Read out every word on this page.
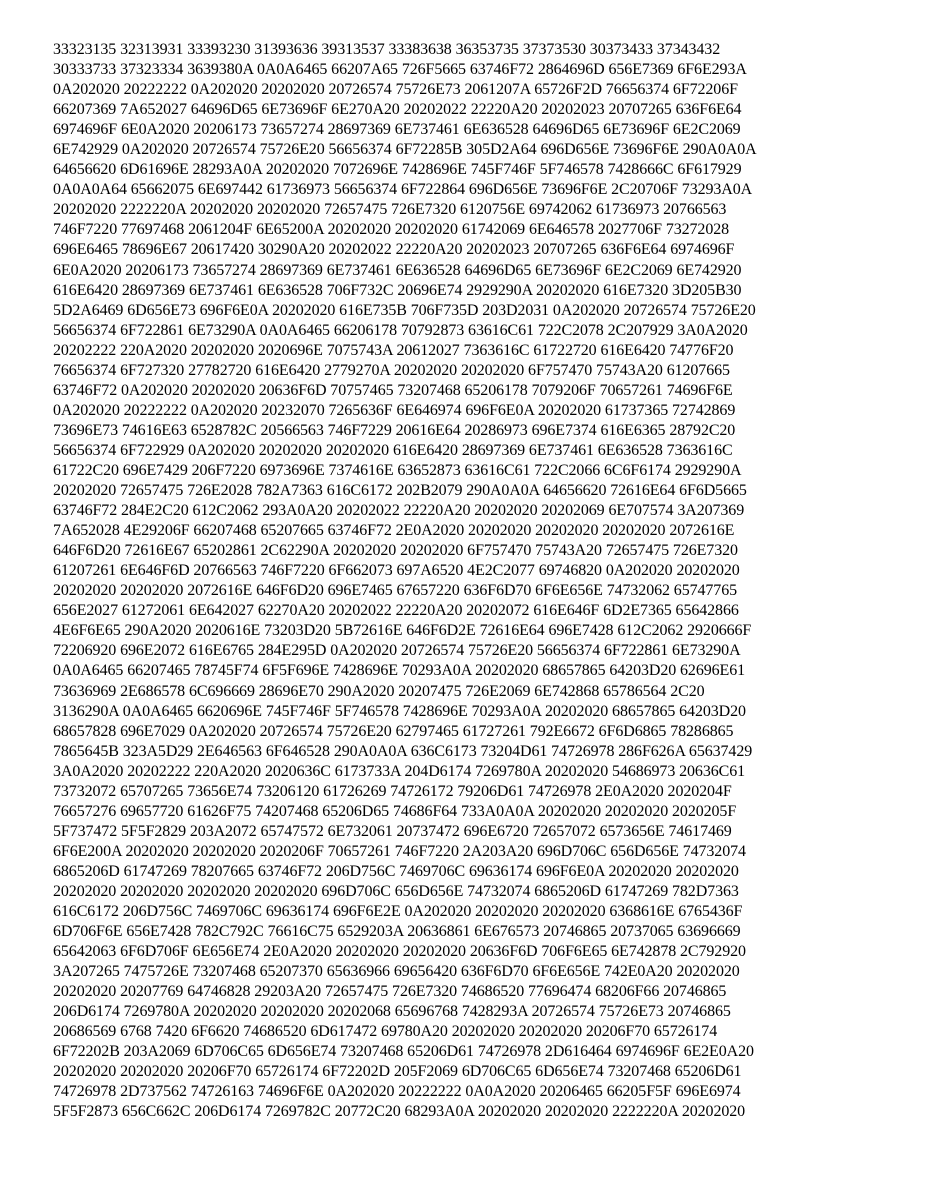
33323135 32313931 33393230 31393636 39313537 33383638 36353735 37373530 30373433 37343432
30333733 37323334 3639380A 0A0A6465 66207A65 726F5665 63746F72 2864696D 656E7369 6F6E293A
0A202020 20222222 0A202020 20202020 20726574 75726E73 2061207A 65726F2D 76656374 6F72206F
66207369 7A652027 64696D65 6E73696F 6E270A20 20202022 22220A20 20202023 20707265 636F6E64
6974696F 6E0A2020 20206173 73657274 28697369 6E737461 6E636528 64696D65 6E73696F 6E2C2069
6E742929 0A202020 20726574 75726E20 56656374 6F72285B 305D2A64 696D656E 73696F6E 290A0A0A
64656620 6D61696E 28293A0A 20202020 7072696E 7428696E 745F746F 5F746578 7428666C 6F617929
0A0A0A64 65662075 6E697442 61736973 56656374 6F722864 696D656E 73696F6E 2C20706F 73293A0A
20202020 2222220A 20202020 20202020 72657475 726E7320 6120756E 69742062 61736973 20766563
746F7220 77697468 2061204F 6E65200A 20202020 20202020 61742069 6E646578 2027706F 73272028
696E6465 78696E67 20617420 30290A20 20202022 22220A20 20202023 20707265 636F6E64 6974696F
6E0A2020 20206173 73657274 28697369 6E737461 6E636528 64696D65 6E73696F 6E2C2069 6E742920
616E6420 28697369 6E737461 6E636528 706F732C 20696E74 2929290A 20202020 616E7320 3D205B30
5D2A6469 6D656E73 696F6E0A 20202020 616E735B 706F735D 203D2031 0A202020 20726574 75726E20
56656374 6F722861 6E73290A 0A0A6465 66206178 70792873 63616C61 722C2078 2C207929 3A0A2020
20202222 220A2020 20202020 2020696E 7075743A 20612027 7363616C 61722720 616E6420 74776F20
76656374 6F727320 27782720 616E6420 2779270A 20202020 20202020 6F757470 75743A20 61207665
63746F72 0A202020 20202020 20636F6D 70757465 73207468 65206178 7079206F 70657261 74696F6E
0A202020 20222222 0A202020 20232070 7265636F 6E646974 696F6E0A 20202020 61737365 72742869
73696E73 74616E63 6528782C 20566563 746F7229 20616E64 20286973 696E7374 616E6365 28792C20
56656374 6F722929 0A202020 20202020 20202020 616E6420 28697369 6E737461 6E636528 7363616C
61722C20 696E7429 206F7220 6973696E 7374616E 63652873 63616C61 722C2066 6C6F6174 2929290A
20202020 72657475 726E2028 782A7363 616C6172 202B2079 290A0A0A 64656620 72616E64 6F6D5665
63746F72 284E2C20 612C2062 293A0A20 20202022 22220A20 20202020 20202069 6E707574 3A207369
7A652028 4E29206F 66207468 65207665 63746F72 2E0A2020 20202020 20202020 20202020 2072616E
646F6D20 72616E67 65202861 2C62290A 20202020 20202020 6F757470 75743A20 72657475 726E7320
61207261 6E646F6D 20766563 746F7220 6F662073 697A6520 4E2C2077 69746820 0A202020 20202020
20202020 20202020 2072616E 646F6D20 696E7465 67657220 636F6D70 6F6E656E 74732062 65747765
656E2027 61272061 6E642027 62270A20 20202022 22220A20 20202072 616E646F 6D2E7365 65642866
4E6F6E65 290A2020 2020616E 73203D20 5B72616E 646F6D2E 72616E64 696E7428 612C2062 2920666F
72206920 696E2072 616E6765 284E295D 0A202020 20726574 75726E20 56656374 6F722861 6E73290A
0A0A6465 66207465 78745F74 6F5F696E 7428696E 70293A0A 20202020 68657865 64203D20 62696E61
73636969 2E686578 6C696669 28696E70 290A2020 20207475 726E2069 6E742868 65786564 2C20
3136290A 0A0A6465 6620696E 745F746F 5F746578 7428696E 70293A0A 20202020 68657865 64203D20
68657828 696E7029 0A202020 20726574 75726E20 62797465 61727261 792E6672 6F6D6865 78286865
7865645B 323A5D29 2E646563 6F646528 290A0A0A 636C6173 73204D61 74726978 286F626A 65637429
3A0A2020 20202222 220A2020 2020636C 6173733A 204D6174 7269780A 20202020 54686973 20636C61
73732072 65707265 73656E74 73206120 61726269 74726172 79206D61 74726978 2E0A2020 2020204F
76657276 69657720 61626F75 74207468 65206D65 74686F64 733A0A0A 20202020 20202020 2020205F
5F737472 5F5F2829 203A2072 65747572 6E732061 20737472 696E6720 72657072 6573656E 74617469
6F6E200A 20202020 20202020 2020206F 70657261 746F7220 2A203A20 696D706C 656D656E 74732074
6865206D 61747269 78207665 63746F72 206D756C 7469706C 69636174 696F6E0A 20202020 20202020
20202020 20202020 20202020 20202020 696D706C 656D656E 74732074 6865206D 61747269 782D7363
616C6172 206D756C 7469706C 69636174 696F6E2E 0A202020 20202020 20202020 6368616E 6765436F
6D706F6E 656E7428 782C792C 76616C75 6529203A 20636861 6E676573 20746865 20737065 63696669
65642063 6F6D706F 6E656E74 2E0A2020 20202020 20202020 20636F6D 706F6E65 6E742878 2C792920
3A207265 7475726E 73207468 65207370 65636966 69656420 636F6D70 6F6E656E 742E0A20 20202020
20202020 20207769 64746828 29203A20 72657475 726E7320 74686520 77696474 68206F66 20746865
206D6174 7269780A 20202020 20202020 20202068 65696768 7428293A 20726574 75726E73 20746865
20686569 6768 7420 6F6620 74686520 6D617472 69780A20 20202020 20202020 20206F70 65726174
6F72202B 203A2069 6D706C65 6D656E74 73207468 65206D61 74726978 2D616464 6974696F 6E2E0A20
20202020 20202020 20206F70 65726174 6F72202D 205F2069 6D706C65 6D656E74 73207468 65206D61
74726978 2D737562 74726163 74696F6E 0A202020 20222222 0A0A2020 20206465 66205F5F 696E6974
5F5F2873 656C662C 206D6174 7269782C 20772C20 68293A0A 20202020 20202020 2222220A 20202020
